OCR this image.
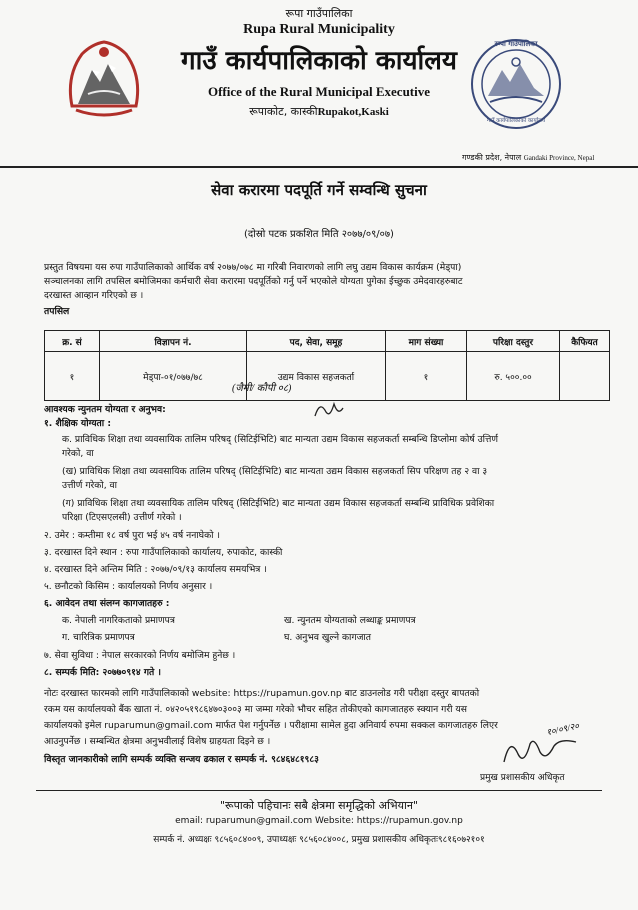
रूपा गाउँपालिका
Rupa Rural Municipality
गाउँ कार्यपालिकाको कार्यालय
Office of the Rural Municipal Executive
रूपाकोट, कास्कीRupakot,Kaski
रूपा गाउँपालिका
गाउँ कार्यपालिकाको कार्यालय
गण्डकी प्रदेश, नेपाल Gandaki Province, Nepal
सेवा करारमा पदपूर्ति गर्ने सम्वन्धि सुचना
(दोस्रो पटक प्रकशित मिति २०७७/०९/०७)
प्रस्तुत विषयमा यस रुपा गाउँपालिकाको आर्थिक वर्ष २०७७/०७८ मा गरिबी निवारणको लागि लघु उद्यम विकास कार्यक्रम (मेड्पा)
सञ्चालनका लागि तपसिल बमोजिमका कर्मचारी सेवा करारमा पदपूर्तिको गर्नु पर्ने भएकोले योग्यता पुगेका ईच्छुक उमेदवारहरुबाट
दरखास्त आव्हान गरिएको छ ।
तपसिल
क्र. सं	विज्ञापन नं.	पद, सेवा, समूह	माग संख्या	परिक्षा दस्तुर	कैफियत
१	मेड्पा-०१/०७७/७८	उद्यम विकास सहजकर्ता	१	रु. ५००.००	
(जैमी/ कौपी ०८)
आवश्यक न्युनतम योग्यता र अनुभव:
१. शैक्षिक योग्यता :
क. प्राविधिक शिक्षा तथा व्यवसायिक तालिम परिषद् (सिटिईभिटि) बाट मान्यता उद्यम विकास सहजकर्ता सम्बन्धि डिप्लोमा कोर्ष उत्तिर्ण
गरेको, वा
(ख) प्राविधिक शिक्षा तथा व्यवसायिक तालिम परिषद् (सिटिईभिटि) बाट मान्यता उद्यम विकास सहजकर्ता सिप परिक्षण तह २ वा ३
उत्तीर्ण गरेको, वा
(ग) प्राविधिक शिक्षा तथा व्यवसायिक तालिम परिषद् (सिटिईभिटि) बाट मान्यता उद्यम विकास सहजकर्ता सम्बन्धि प्राविधिक प्रवेशिका
परिक्षा (टिएसएलसी) उत्तीर्ण गरेको ।
२. उमेर : कम्तीमा १८ वर्ष पुरा भई ४५ वर्ष ननाघेको ।
३. दरखास्त दिने स्थान : रुपा गाउँपालिकाको कार्यालय, रुपाकोट, कास्की
४. दरखास्त दिने अन्तिम मिति : २०७७/०९/१३ कार्यालय समयभित्र ।
५. छनौटको किसिम : कार्यालयको निर्णय अनुसार ।
६. आवेदन तथा संलग्न कागजातहरु :
क. नेपाली नागरिकताको प्रमाणपत्र	ख. न्युनतम योग्यताको लब्धाङ्क प्रमाणपत्र
ग. चारित्रिक प्रमाणपत्र	घ. अनुभव खुल्ने कागजात
७. सेवा सुविधा : नेपाल सरकारको निर्णय बमोजिम हुनेछ ।
८. सम्पर्क मिति: २०७७०९१४ गते ।
नोटः दरखास्त फारमको लागि गाउँपालिकाको website: https://rupamun.gov.np बाट डाउनलोड गरी परीक्षा दस्तुर बापतको
रकम यस कार्यालयको बैंक खाता नं. ०४२०५१९८६४७०३००३ मा जम्मा गरेको भौचर सहित तोकीएको कागजातहरु स्क्यान गरी यस
कार्यालयको इमेल ruparumun@gmail.com मार्फत पेश गर्नुपर्नेछ । परीक्षामा सामेल हुदा अनिवार्य रुपमा सक्कल कागजातहरु लिएर
आउनुपर्नेछ । सम्बन्धित क्षेत्रमा अनुभवीलाई विशेष ग्राहयता दिइने छ ।
विस्तृत जानकारीको लागि सम्पर्क व्यक्ति सन्जय ढकाल र सम्पर्क नं. ९८४६४८१९८३
१०/०९/२०
प्रमुख प्रशासकीय अधिकृत
"रूपाको पहिचानः सबै क्षेत्रमा समृद्धिको अभियान"
email: ruparumun@gmail.com Website: https://rupamun.gov.np
सम्पर्क नं. अध्यक्षः ९८५६०८४००९, उपाध्यक्षः ९८५६०८४००८, प्रमुख प्रशासकीय अधिकृतः९८१६०७२१०१
